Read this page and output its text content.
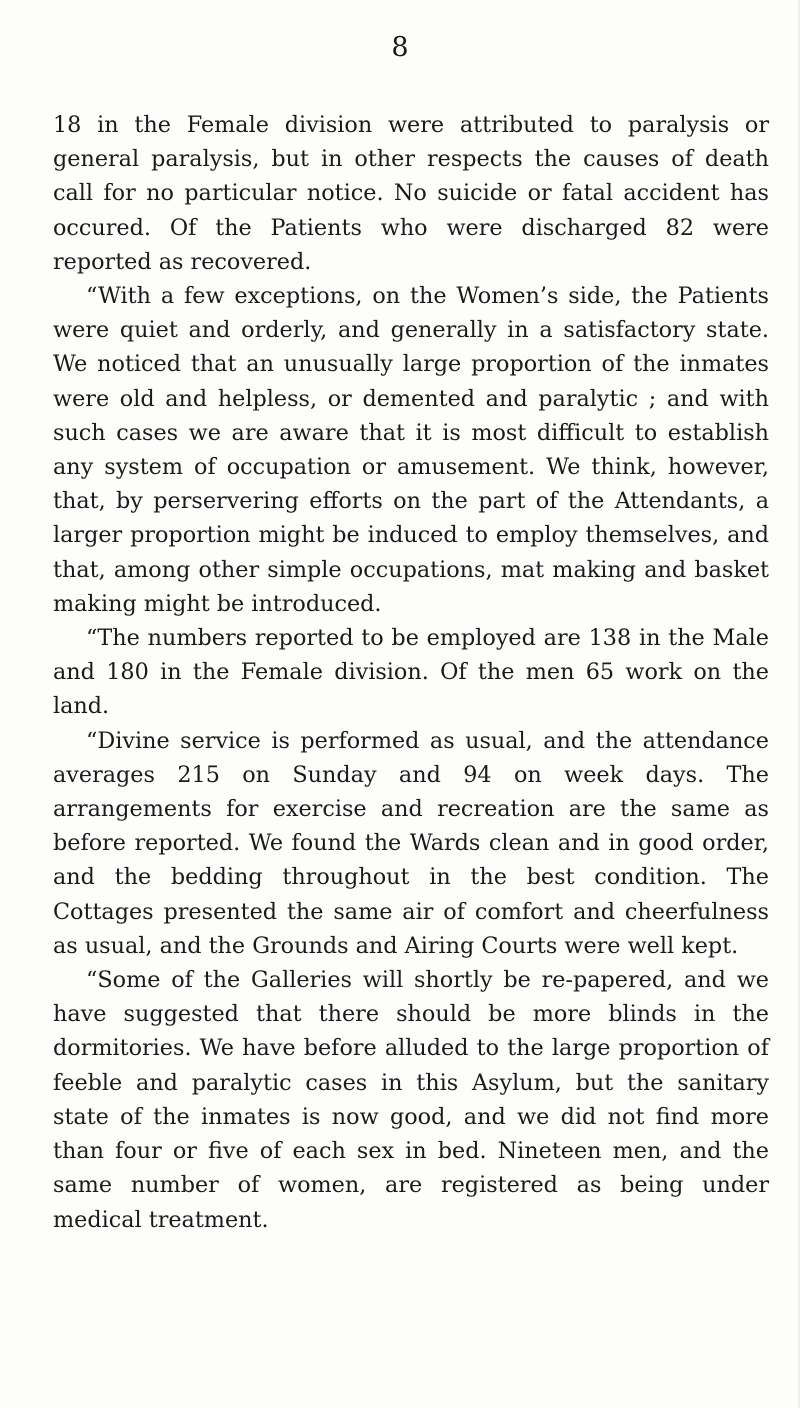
8

18 in the Female division were attributed to paralysis or general paralysis, but in other respects the causes of death call for no particular notice. No suicide or fatal accident has occured. Of the Patients who were discharged 82 were reported as recovered.

“With a few exceptions, on the Women’s side, the Patients were quiet and orderly, and generally in a satisfactory state. We noticed that an unusually large proportion of the inmates were old and helpless, or demented and paralytic ; and with such cases we are aware that it is most difficult to establish any system of occupation or amusement. We think, however, that, by perservering efforts on the part of the Attendants, a larger proportion might be induced to employ themselves, and that, among other simple occupations, mat making and basket making might be introduced.

“The numbers reported to be employed are 138 in the Male and 180 in the Female division. Of the men 65 work on the land.

“Divine service is performed as usual, and the attendance averages 215 on Sunday and 94 on week days. The arrangements for exercise and recreation are the same as before reported. We found the Wards clean and in good order, and the bedding throughout in the best condition. The Cottages presented the same air of comfort and cheerfulness as usual, and the Grounds and Airing Courts were well kept.

“Some of the Galleries will shortly be re-papered, and we have suggested that there should be more blinds in the dormitories. We have before alluded to the large proportion of feeble and paralytic cases in this Asylum, but the sanitary state of the inmates is now good, and we did not find more than four or five of each sex in bed. Nineteen men, and the same number of women, are registered as being under medical treatment.
